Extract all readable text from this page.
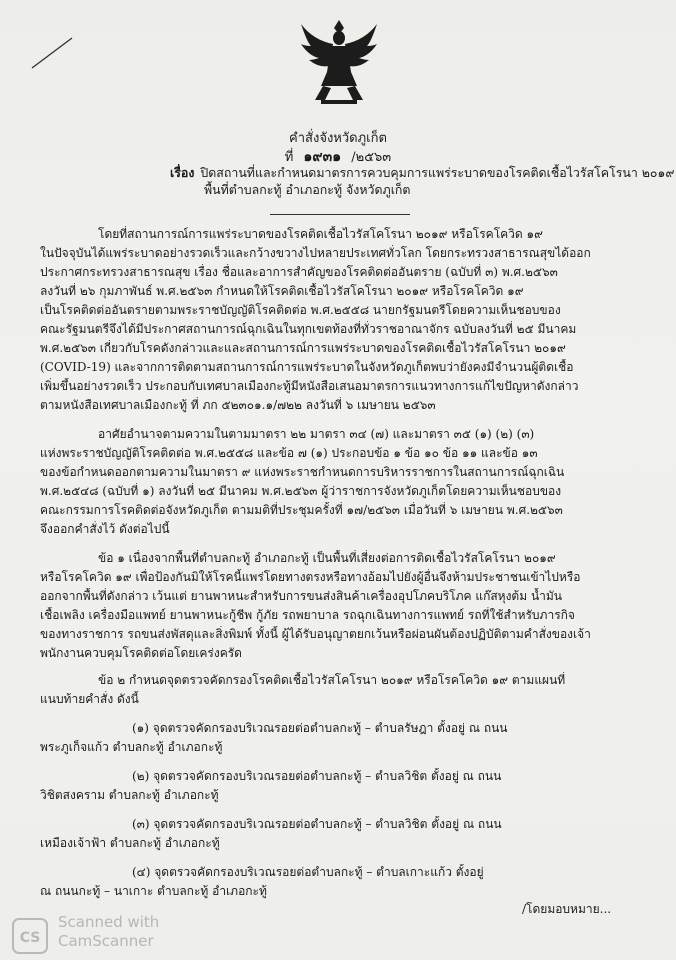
คำสั่งจังหวัดภูเก็ต
ที่ ๑๙๓๑ /๒๕๖๓
เรื่อง ปิดสถานที่และกำหนดมาตรการควบคุมการแพร่ระบาดของโรคติดเชื้อไวรัสโคโรนา ๒๐๑๙
พื้นที่ตำบลกะทู้ อำเภอกะทู้ จังหวัดภูเก็ต
โดยที่สถานการณ์การแพร่ระบาดของโรคติดเชื้อไวรัสโคโรนา ๒๐๑๙ หรือโรคโควิด ๑๙
ในปัจจุบันได้แพร่ระบาดอย่างรวดเร็วและกว้างขวางไปหลายประเทศทั่วโลก โดยกระทรวงสาธารณสุขได้ออก
ประกาศกระทรวงสาธารณสุข เรื่อง ชื่อและอาการสำคัญของโรคติดต่ออันตราย (ฉบับที่ ๓) พ.ศ.๒๕๖๓
ลงวันที่ ๒๖ กุมภาพันธ์ พ.ศ.๒๕๖๓ กำหนดให้โรคติดเชื้อไวรัสโคโรนา ๒๐๑๙ หรือโรคโควิด ๑๙
เป็นโรคติดต่ออันตรายตามพระราชบัญญัติโรคติดต่อ พ.ศ.๒๕๕๘ นายกรัฐมนตรีโดยความเห็นชอบของ
คณะรัฐมนตรีจึงได้มีประกาศสถานการณ์ฉุกเฉินในทุกเขตท้องที่ทั่วราชอาณาจักร ฉบับลงวันที่ ๒๕ มีนาคม
พ.ศ.๒๕๖๓ เกี่ยวกับโรคดังกล่าวและและสถานการณ์การแพร่ระบาดของโรคติดเชื้อไวรัสโคโรนา ๒๐๑๙
(COVID-19) และจากการติดตามสถานการณ์การแพร่ระบาดในจังหวัดภูเก็ตพบว่ายังคงมีจำนวนผู้ติดเชื้อ
เพิ่มขึ้นอย่างรวดเร็ว ประกอบกับเทศบาลเมืองกะทู้มีหนังสือเสนอมาตรการแนวทางการแก้ไขปัญหาดังกล่าว
ตามหนังสือเทศบาลเมืองกะทู้ ที่ ภก ๕๒๓๐๑.๑/๗๒๒ ลงวันที่ ๖ เมษายน ๒๕๖๓
อาศัยอำนาจตามความในตามมาตรา ๒๒ มาตรา ๓๔ (๗) และมาตรา ๓๕ (๑) (๒) (๓)
แห่งพระราชบัญญัติโรคติดต่อ พ.ศ.๒๕๕๘ และข้อ ๗ (๑) ประกอบข้อ ๑ ข้อ ๑๐ ข้อ ๑๑ และข้อ ๑๓
ของข้อกำหนดออกตามความในมาตรา ๙ แห่งพระราชกำหนดการบริหารราชการในสถานการณ์ฉุกเฉิน
พ.ศ.๒๕๔๘ (ฉบับที่ ๑) ลงวันที่ ๒๕ มีนาคม พ.ศ.๒๕๖๓ ผู้ว่าราชการจังหวัดภูเก็ตโดยความเห็นชอบของ
คณะกรรมการโรคติดต่อจังหวัดภูเก็ต ตามมติที่ประชุมครั้งที่ ๑๗/๒๕๖๓ เมื่อวันที่ ๖ เมษายน พ.ศ.๒๕๖๓
จึงออกคำสั่งไว้ ดังต่อไปนี้
ข้อ ๑ เนื่องจากพื้นที่ตำบลกะทู้ อำเภอกะทู้ เป็นพื้นที่เสี่ยงต่อการติดเชื้อไวรัสโคโรนา ๒๐๑๙
หรือโรคโควิด ๑๙ เพื่อป้องกันมิให้โรคนี้แพร่โดยทางตรงหรือทางอ้อมไปยังผู้อื่นจึงห้ามประชาชนเข้าไปหรือ
ออกจากพื้นที่ดังกล่าว เว้นแต่ ยานพาหนะสำหรับการขนส่งสินค้าเครื่องอุปโภคบริโภค แก๊สหุงต้ม น้ำมัน
เชื้อเพลิง เครื่องมือแพทย์ ยานพาหนะกู้ชีพ กู้ภัย รถพยาบาล รถฉุกเฉินทางการแพทย์ รถที่ใช้สำหรับภารกิจ
ของทางราชการ รถขนส่งพัสดุและสิ่งพิมพ์ ทั้งนี้ ผู้ได้รับอนุญาตยกเว้นหรือผ่อนผันต้องปฏิบัติตามคำสั่งของเจ้า
พนักงานควบคุมโรคติดต่อโดยเคร่งครัด
ข้อ ๒ กำหนดจุดตรวจคัดกรองโรคติดเชื้อไวรัสโคโรนา ๒๐๑๙ หรือโรคโควิด ๑๙ ตามแผนที่
แนบท้ายคำสั่ง ดังนี้
(๑) จุดตรวจคัดกรองบริเวณรอยต่อตำบลกะทู้ – ตำบลรัษฎา ตั้งอยู่ ณ ถนน
พระภูเก็จแก้ว ตำบลกะทู้ อำเภอกะทู้
(๒) จุดตรวจคัดกรองบริเวณรอยต่อตำบลกะทู้ – ตำบลวิชิต ตั้งอยู่ ณ ถนน
วิชิตสงคราม ตำบลกะทู้ อำเภอกะทู้
(๓) จุดตรวจคัดกรองบริเวณรอยต่อตำบลกะทู้ – ตำบลวิชิต ตั้งอยู่ ณ ถนน
เหมืองเจ้าฟ้า ตำบลกะทู้ อำเภอกะทู้
(๔) จุดตรวจคัดกรองบริเวณรอยต่อตำบลกะทู้ – ตำบลเกาะแก้ว ตั้งอยู่
ณ ถนนกะทู้ – นาเกาะ ตำบลกะทู้ อำเภอกะทู้
/โดยมอบหมาย...
CS
Scanned with
CamScanner
